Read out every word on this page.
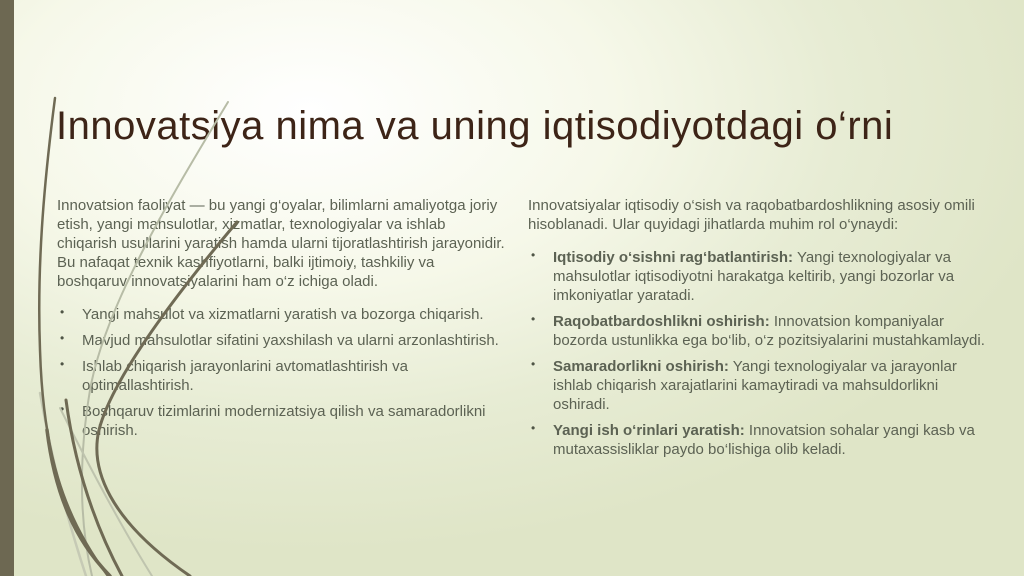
Innovatsiya nima va uning iqtisodiyotdagi o‘rni

Innovatsion faoliyat — bu yangi g‘oyalar, bilimlarni amaliyotga joriy etish, yangi mahsulotlar, xizmatlar, texnologiyalar va ishlab chiqarish usullarini yaratish hamda ularni tijoratlashtirish jarayonidir. Bu nafaqat texnik kashfiyotlarni, balki ijtimoiy, tashkiliy va boshqaruv innovatsiyalarini ham o‘z ichiga oladi.

• Yangi mahsulot va xizmatlarni yaratish va bozorga chiqarish.
• Mavjud mahsulotlar sifatini yaxshilash va ularni arzonlashtirish.
• Ishlab chiqarish jarayonlarini avtomatlashtirish va optimallashtirish.
• Boshqaruv tizimlarini modernizatsiya qilish va samaradorlikni oshirish.

Innovatsiyalar iqtisodiy o‘sish va raqobatbardoshlikning asosiy omili hisoblanadi. Ular quyidagi jihatlarda muhim rol o‘ynaydi:

• Iqtisodiy o‘sishni rag‘batlantirish: Yangi texnologiyalar va mahsulotlar iqtisodiyotni harakatga keltirib, yangi bozorlar va imkoniyatlar yaratadi.
• Raqobatbardoshlikni oshirish: Innovatsion kompaniyalar bozorda ustunlikka ega bo‘lib, o‘z pozitsiyalarini mustahkamlaydi.
• Samaradorlikni oshirish: Yangi texnologiyalar va jarayonlar ishlab chiqarish xarajatlarini kamaytiradi va mahsuldorlikni oshiradi.
• Yangi ish o‘rinlari yaratish: Innovatsion sohalar yangi kasb va mutaxassisliklar paydo bo‘lishiga olib keladi.
